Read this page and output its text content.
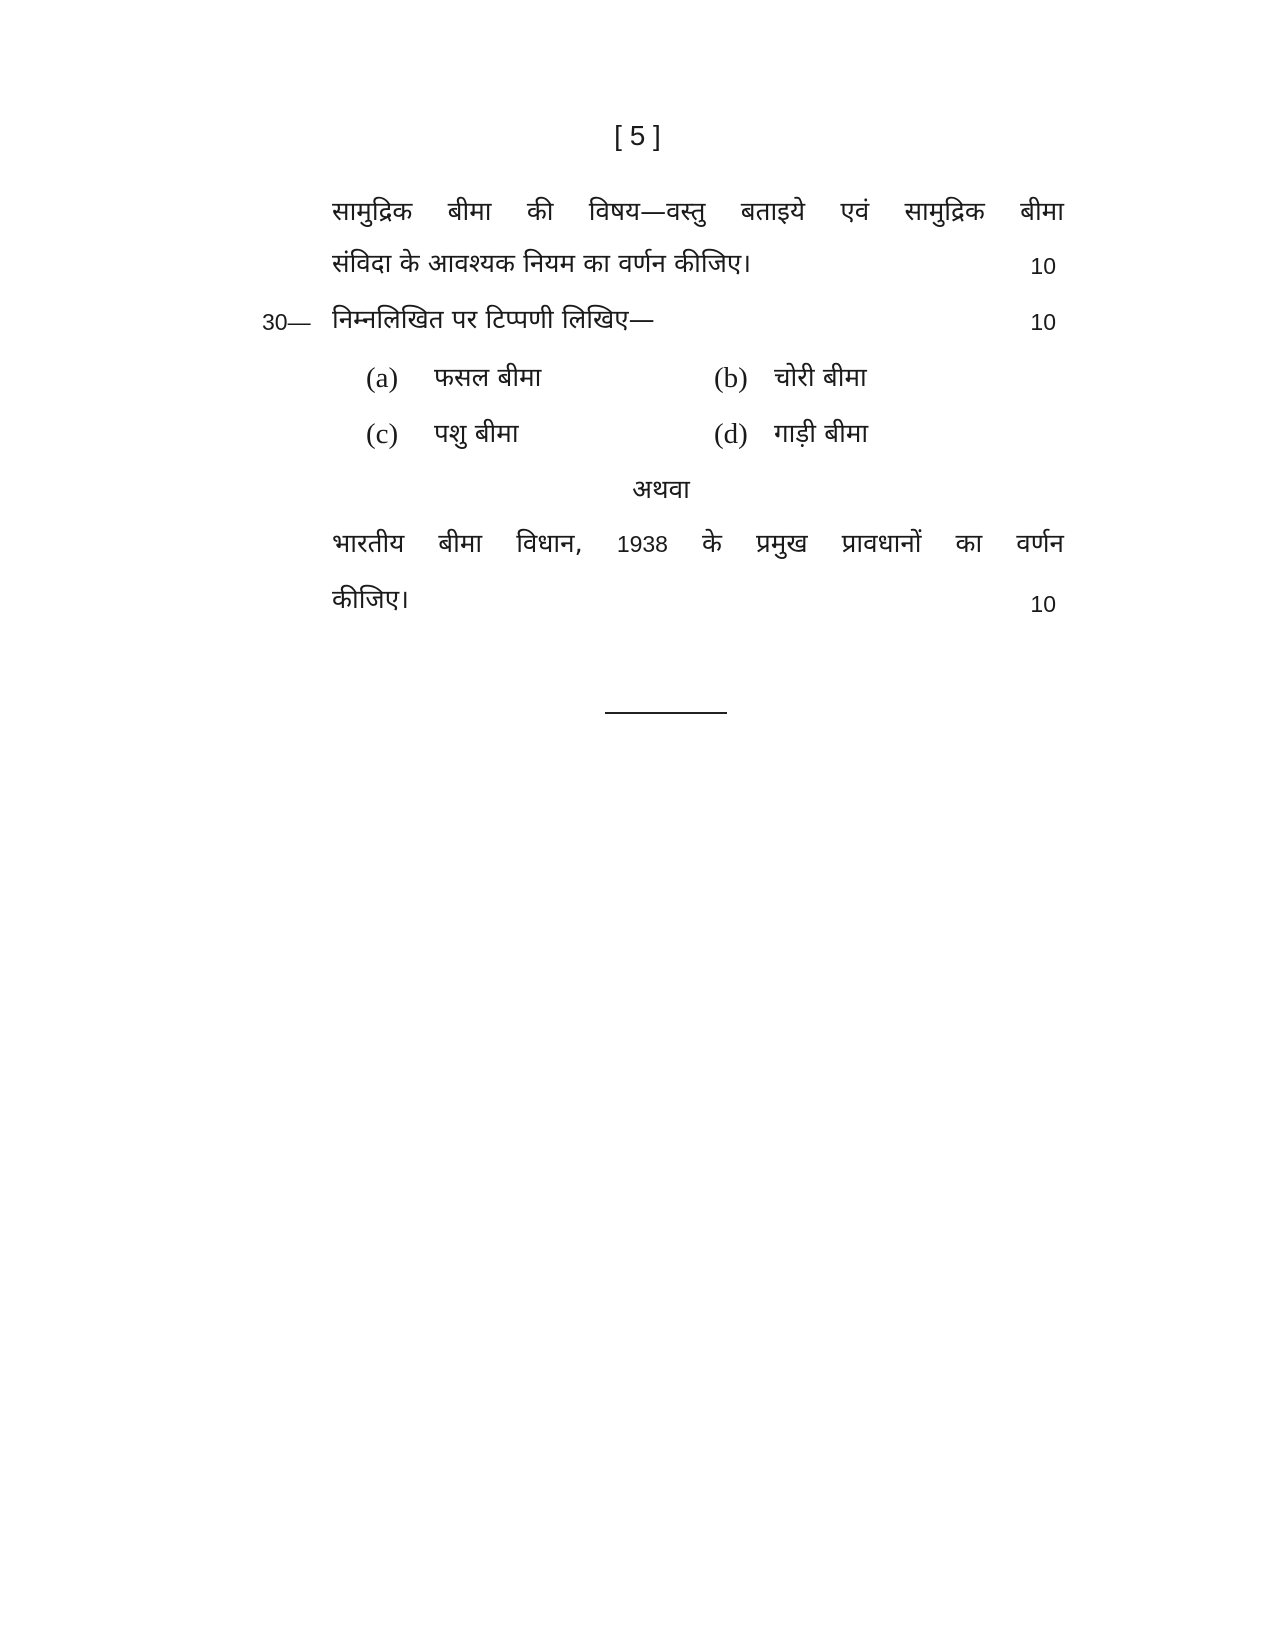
[ 5 ]
सामुद्रिक बीमा की विषय—वस्तु बताइये एवं सामुद्रिक बीमा
संविदा के आवश्यक नियम का वर्णन कीजिए।	10
30— निम्नलिखित पर टिप्पणी लिखिए—	10
(a) फसल बीमा	(b) चोरी बीमा
(c) पशु बीमा	(d) गाड़ी बीमा
अथवा
भारतीय बीमा विधान, 1938 के प्रमुख प्रावधानों का वर्णन
कीजिए।	10
